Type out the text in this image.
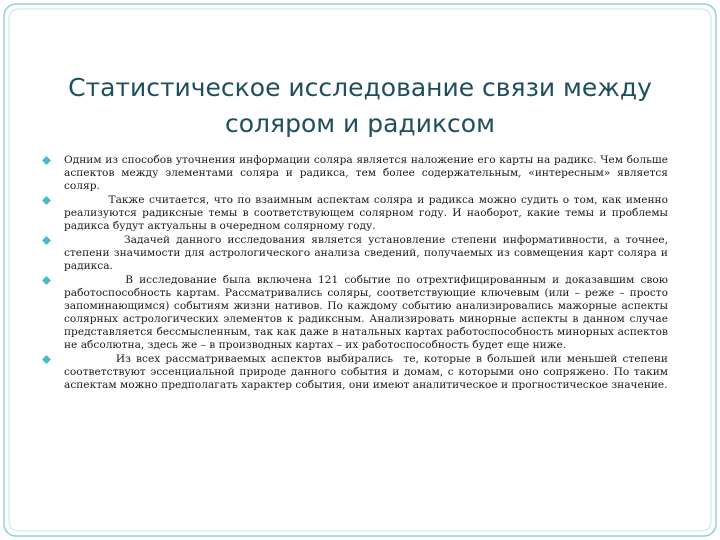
Статистическое исследование связи между соляром и радиксом
Одним из способов уточнения информации соляра является наложение его карты на радикс. Чем больше аспектов между элементами соляра и радикса, тем более содержательным, «интересным» является соляр.
Также считается, что по взаимным аспектам соляра и радикса можно судить о том, как именно реализуются радиксные темы в соответствующем солярном году. И наоборот, какие темы и проблемы радикса будут актуальны в очередном солярному году.
Задачей данного исследования является установление степени информативности, а точнее, степени значимости для астрологического анализа сведений, получаемых из совмещения карт соляра и радикса.
В исследование была включена 121 событие по отрехтифицированным и доказавшим свою работоспособность картам. Рассматривались соляры, соответствующие ключевым (или – реже – просто запоминающимся) событиям жизни нативов. По каждому событию анализировались мажорные аспекты солярных астрологических элементов к радиксным. Анализировать минорные аспекты в данном случае представляется бессмысленным, так как даже в натальных картах работоспособность минорных аспектов не абсолютна, здесь же – в производных картах – их работоспособность будет еще ниже.
Из всех рассматриваемых аспектов выбирались  те, которые в большей или меньшей степени соответствуют эссенциальной природе данного события и домам, с которыми оно сопряжено. По таким аспектам можно предполагать характер события, они имеют аналитическое и прогностическое значение.
